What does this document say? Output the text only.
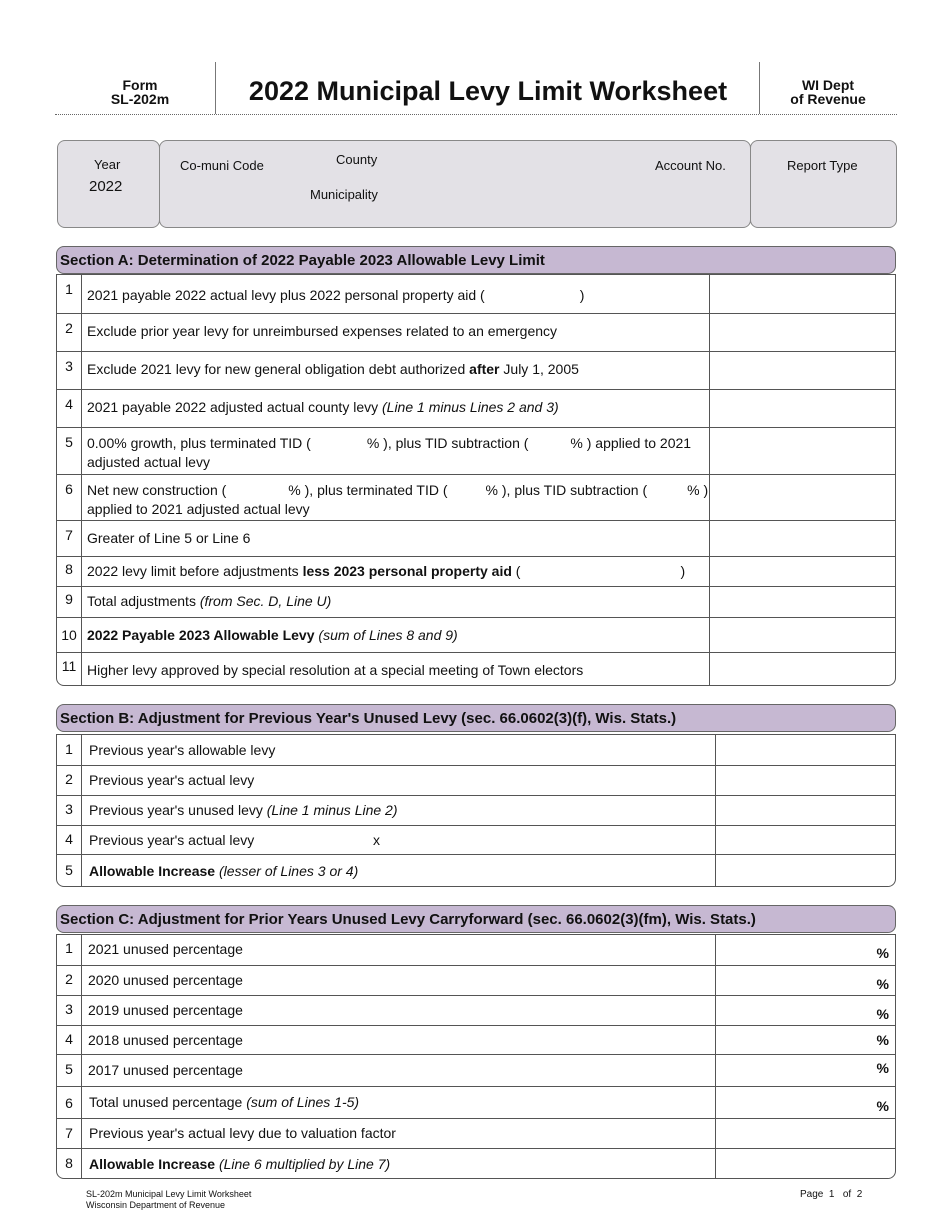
Form
SL-202m	2022 Municipal Levy Limit Worksheet	WI Dept
of Revenue
Year
2022
Co-muni Code	County
Municipality
Account No.	Report Type
Section A: Determination of 2022 Payable 2023 Allowable Levy Limit
1	2021 payable 2022 actual levy plus 2022 personal property aid (	)
2	Exclude prior year levy for unreimbursed expenses related to an emergency
3	Exclude 2021 levy for new general obligation debt authorized after July 1, 2005
4	2021 payable 2022 adjusted actual county levy (Line 1 minus Lines 2 and 3)
5	0.00% growth, plus terminated TID (	% ), plus TID subtraction (	% ) applied to 2021
adjusted actual levy
6	Net new construction (	% ), plus terminated TID (	% ), plus TID subtraction (	% )
applied to 2021 adjusted actual levy
7	Greater of Line 5 or Line 6
8	2022 levy limit before adjustments less 2023 personal property aid (	)
9	Total adjustments (from Sec. D, Line U)
10 2022 Payable 2023 Allowable Levy (sum of Lines 8 and 9)
11 Higher levy approved by special resolution at a special meeting of Town electors
Section B: Adjustment for Previous Year's Unused Levy (sec. 66.0602(3)(f), Wis. Stats.)
1	Previous year's allowable levy
2	Previous year's actual levy
3	Previous year's unused levy (Line 1 minus Line 2)
4	Previous year's actual levy	x
5	Allowable Increase (lesser of Lines 3 or 4)
Section C: Adjustment for Prior Years Unused Levy Carryforward (sec. 66.0602(3)(fm), Wis. Stats.)
1	2021 unused percentage	%
2	2020 unused percentage	%
3	2019 unused percentage	%
4	2018 unused percentage	%
5	2017 unused percentage	%
6	Total unused percentage (sum of Lines 1-5)	%
7	Previous year's actual levy due to valuation factor
8	Allowable Increase (Line 6 multiplied by Line 7)
SL-202m Municipal Levy Limit Worksheet
Wisconsin Department of Revenue
Page 1 of 2
